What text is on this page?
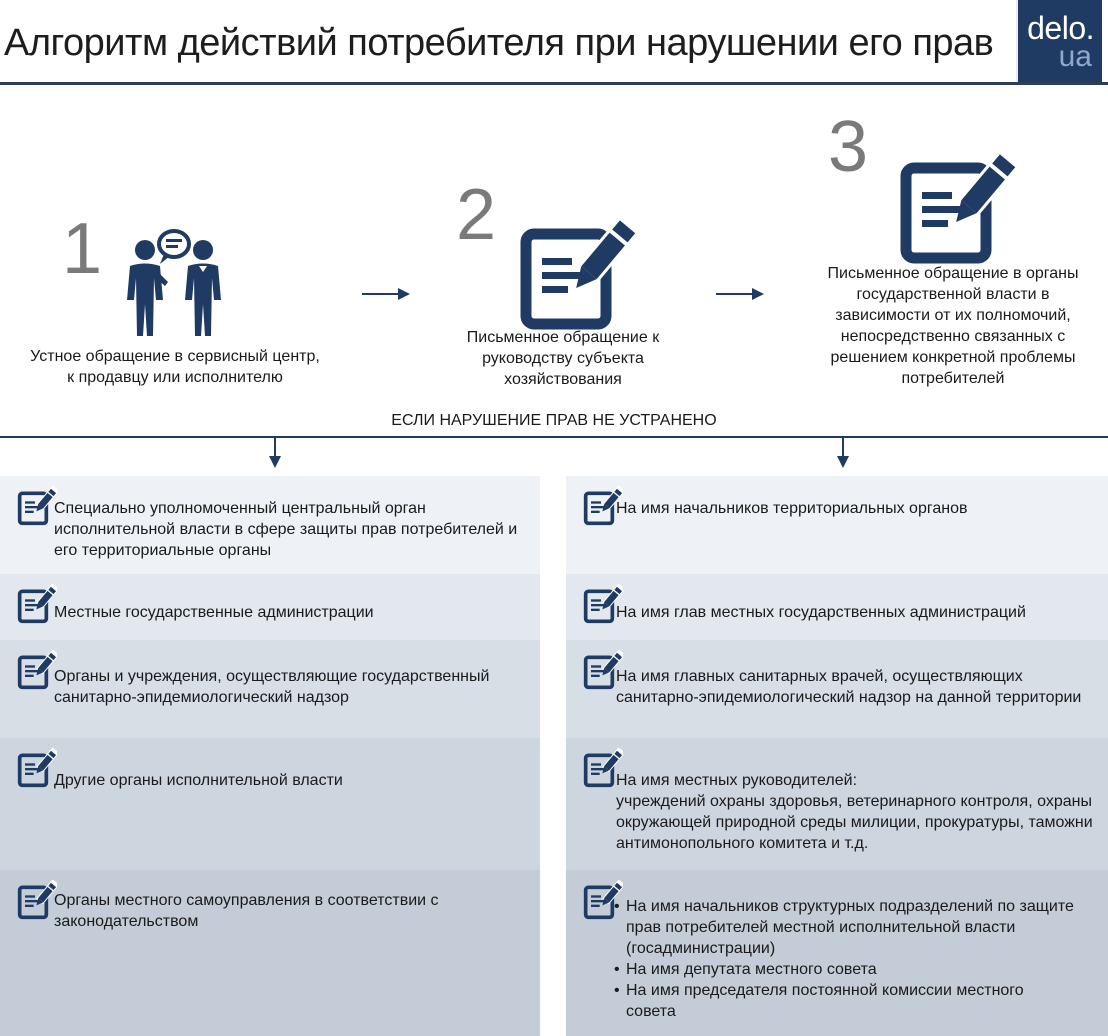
Алгоритм действий потребителя при нарушении его прав delo.
ua
1
Устное обращение в сервисный центр, к продавцу или исполнителю
2
Письменное обращение к руководству субъекта хозяйствования
3
Письменное обращение в органы государственной власти в зависимости от их полномочий, непосредственно связанных с решением конкретной проблемы потребителей
ЕСЛИ НАРУШЕНИЕ ПРАВ НЕ УСТРАНЕНО
Специально уполномоченный центральный орган исполнительной власти в сфере защиты прав потребителей и его территориальные органы
Местные государственные администрации
Органы и учреждения, осуществляющие государственный санитарно-эпидемиологический надзор
Другие органы исполнительной власти
Органы местного самоуправления в соответствии с законодательством
На имя начальников территориальных органов
На имя глав местных государственных администраций
На имя главных санитарных врачей, осуществляющих санитарно-эпидемиологический надзор на данной территории
На имя местных руководителей:
учреждений охраны здоровья, ветеринарного контроля, охраны окружающей природной среды милиции, прокуратуры, таможни антимонопольного комитета и т.д.
• На имя начальников структурных подразделений по защите прав потребителей местной исполнительной власти (госадминистрации)
• На имя депутата местного совета
• На имя председателя постоянной комиссии местного совета
